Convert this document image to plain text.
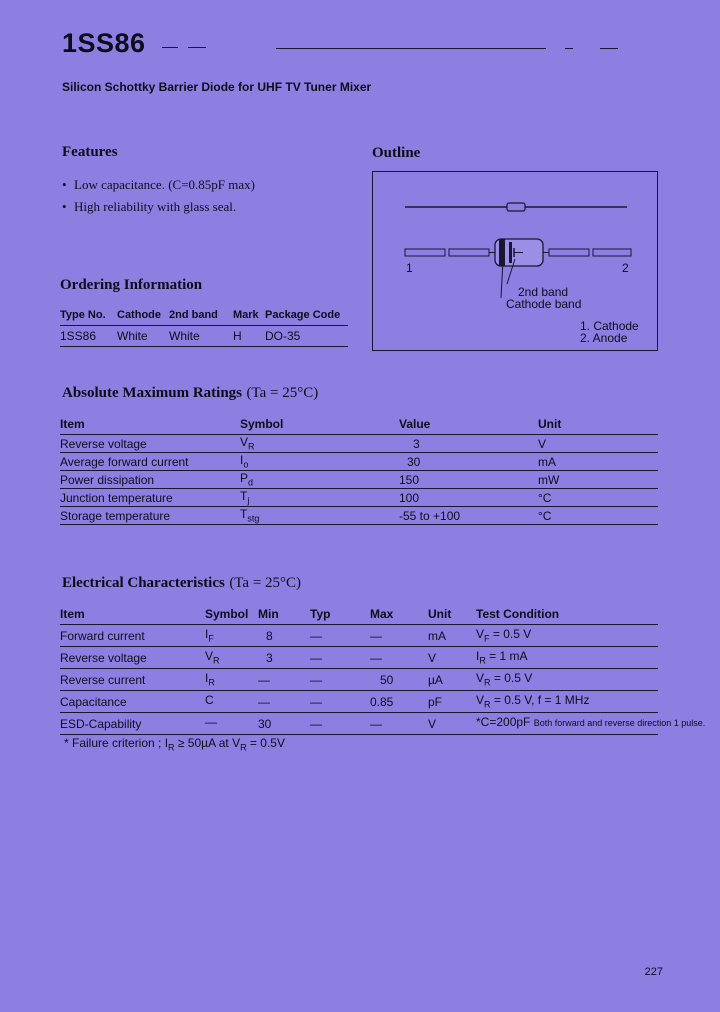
1SS86
Silicon Schottky Barrier Diode for UHF TV Tuner Mixer
Features
• Low capacitance. (C=0.85pF max)
• High reliability with glass seal.
Outline
1	2
2nd band
Cathode band
1. Cathode
2. Anode
Ordering Information
Type No.	Cathode	2nd band	Mark	Package Code
1SS86	White	White	H	DO-35
Absolute Maximum Ratings (Ta = 25°C)
Item	Symbol	Value	Unit
Reverse voltage	$V_R$	3	V
Average forward current	$I_o$	30	mA
Power dissipation	$P_d$	150	mW
Junction temperature	$T_j$	100	°C
Storage temperature	$T_{stg}$	-55 to +100	°C
Electrical Characteristics (Ta = 25°C)
Item	Symbol	Min	Typ	Max	Unit	Test Condition
Forward current	$I_F$	8	—	—	mA	$V_F = 0.5$ V
Reverse voltage	$V_R$	3	—	—	V	$I_R = 1$ mA
Reverse current	$I_R$	—	—	50	µA	$V_R = 0.5$ V
Capacitance	C	—	—	0.85	pF	$V_R = 0.5$ V, f = 1 MHz
ESD-Capability	—	30	—	—	V	*C=200pF Both forward and reverse direction 1 pulse.
* Failure criterion ; $I_R \ge 50\mu A$ at $V_R = 0.5V$
227
